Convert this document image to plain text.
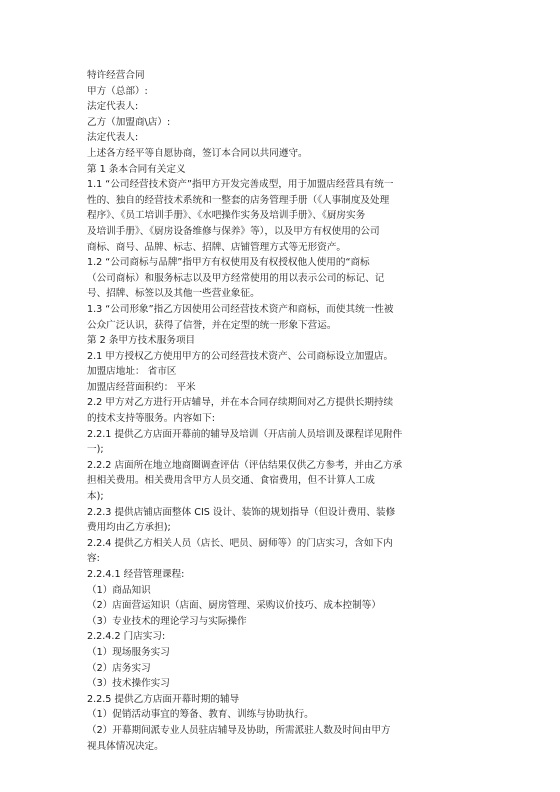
特许经营合同
甲方（总部）:
法定代表人:
乙方（加盟商\店）:
法定代表人:
上述各方经平等自愿协商，签订本合同以共同遵守。
第 1 条本合同有关定义
1.1 “公司经营技术资产”指甲方开发完善成型，用于加盟店经营具有统一
性的、独自的经营技术系统和一整套的店务管理手册（《人事制度及处理
程序》、《员工培训手册》、《水吧操作实务及培训手册》、《厨房实务
及培训手册》、《厨房设备维修与保养》等），以及甲方有权使用的公司
商标、商号、品牌、标志、招牌、店铺管理方式等无形资产。
1.2 “公司商标与品牌”指甲方有权使用及有权授权他人使用的“商标
（公司商标）和服务标志以及甲方经常使用的用以表示公司的标记、记
号、招牌、标签以及其他一些营业象征。
1.3 “公司形象”指乙方因使用公司经营技术资产和商标，而使其统一性被
公众广泛认识，获得了信誉，并在定型的统一形象下营运。
第 2 条甲方技术服务项目
2.1 甲方授权乙方使用甲方的公司经营技术资产、公司商标设立加盟店。
加盟店地址： 省市区
加盟店经营面积约： 平米
2.2 甲方对乙方进行开店辅导，并在本合同存续期间对乙方提供长期持续
的技术支持等服务。内容如下:
2.2.1 提供乙方店面开幕前的辅导及培训（开店前人员培训及课程详见附件
一);
2.2.2 店面所在地立地商圈调查评估（评估结果仅供乙方参考，并由乙方承
担相关费用。相关费用含甲方人员交通、食宿费用，但不计算人工成
本);
2.2.3 提供店铺店面整体 CIS 设计、装饰的规划指导（但设计费用、装修
费用均由乙方承担);
2.2.4 提供乙方相关人员（店长、吧员、厨师等）的门店实习，含如下内
容:
2.2.4.1 经营管理课程:
（1）商品知识
（2）店面营运知识（店面、厨房管理、采购议价技巧、成本控制等）
（3）专业技术的理论学习与实际操作
2.2.4.2 门店实习:
（1）现场服务实习
（2）店务实习
（3）技术操作实习
2.2.5 提供乙方店面开幕时期的辅导
（1）促销活动事宜的筹备、教育、训练与协助执行。
（2）开幕期间派专业人员驻店辅导及协助，所需派驻人数及时间由甲方
视具体情况决定。
